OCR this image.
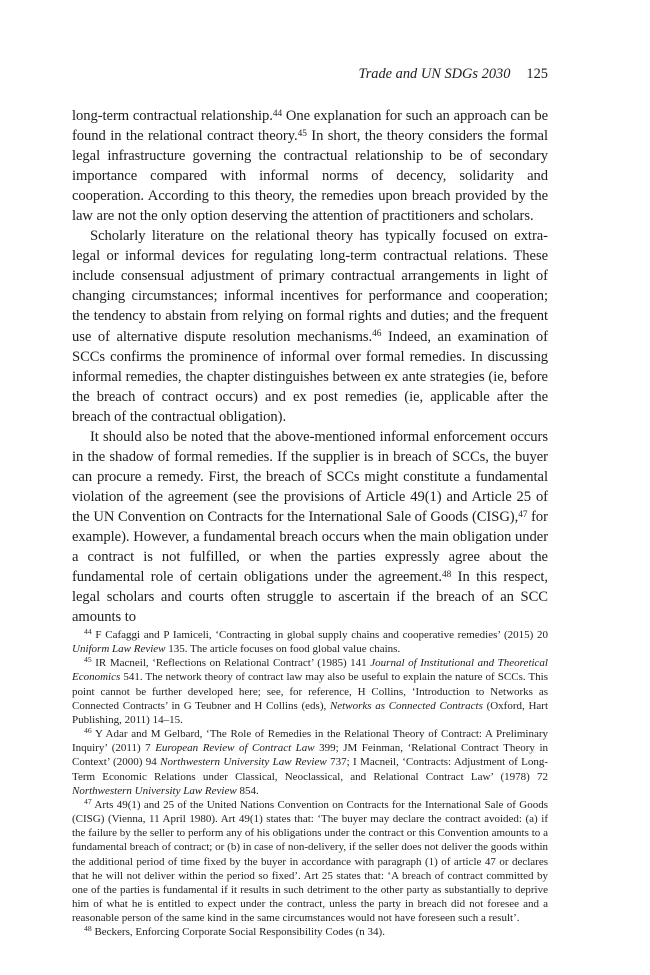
Trade and UN SDGs 2030 125

long-term contractual relationship.$^{44}$ One explanation for such an approach can be found in the relational contract theory.$^{45}$ In short, the theory considers the formal legal infrastructure governing the contractual relationship to be of secondary importance compared with informal norms of decency, solidarity and cooperation. According to this theory, the remedies upon breach provided by the law are not the only option deserving the attention of practitioners and scholars.

Scholarly literature on the relational theory has typically focused on extra-legal or informal devices for regulating long-term contractual relations. These include consensual adjustment of primary contractual arrangements in light of changing circumstances; informal incentives for performance and cooperation; the tendency to abstain from relying on formal rights and duties; and the frequent use of alternative dispute resolution mechanisms.$^{46}$ Indeed, an examination of SCCs confirms the prominence of informal over formal remedies. In discussing informal remedies, the chapter distinguishes between ex ante strategies (ie, before the breach of contract occurs) and ex post remedies (ie, applicable after the breach of the contractual obligation).

It should also be noted that the above-mentioned informal enforcement occurs in the shadow of formal remedies. If the supplier is in breach of SCCs, the buyer can procure a remedy. First, the breach of SCCs might constitute a fundamental violation of the agreement (see the provisions of Article 49(1) and Article 25 of the UN Convention on Contracts for the International Sale of Goods (CISG),$^{47}$ for example). However, a fundamental breach occurs when the main obligation under a contract is not fulfilled, or when the parties expressly agree about the fundamental role of certain obligations under the agreement.$^{48}$ In this respect, legal scholars and courts often struggle to ascertain if the breach of an SCC amounts to

$^{44}$ F Cafaggi and P Iamiceli, ‘Contracting in global supply chains and cooperative remedies’ (2015) 20 Uniform Law Review 135. The article focuses on food global value chains.

$^{45}$ IR Macneil, ‘Reflections on Relational Contract’ (1985) 141 Journal of Institutional and Theoretical Economics 541. The network theory of contract law may also be useful to explain the nature of SCCs. This point cannot be further developed here; see, for reference, H Collins, ‘Introduction to Networks as Connected Contracts’ in G Teubner and H Collins (eds), Networks as Connected Contracts (Oxford, Hart Publishing, 2011) 14–15.

$^{46}$ Y Adar and M Gelbard, ‘The Role of Remedies in the Relational Theory of Contract: A Preliminary Inquiry’ (2011) 7 European Review of Contract Law 399; JM Feinman, ‘Relational Contract Theory in Context’ (2000) 94 Northwestern University Law Review 737; I Macneil, ‘Contracts: Adjustment of Long-Term Economic Relations under Classical, Neoclassical, and Relational Contract Law’ (1978) 72 Northwestern University Law Review 854.

$^{47}$ Arts 49(1) and 25 of the United Nations Convention on Contracts for the International Sale of Goods (CISG) (Vienna, 11 April 1980). Art 49(1) states that: ‘The buyer may declare the contract avoided: (a) if the failure by the seller to perform any of his obligations under the contract or this Convention amounts to a fundamental breach of contract; or (b) in case of non-delivery, if the seller does not deliver the goods within the additional period of time fixed by the buyer in accordance with paragraph (1) of article 47 or declares that he will not deliver within the period so fixed’. Art 25 states that: ‘A breach of contract committed by one of the parties is fundamental if it results in such detriment to the other party as substantially to deprive him of what he is entitled to expect under the contract, unless the party in breach did not foresee and a reasonable person of the same kind in the same circumstances would not have foreseen such a result’.

$^{48}$ Beckers, Enforcing Corporate Social Responsibility Codes (n 34).
